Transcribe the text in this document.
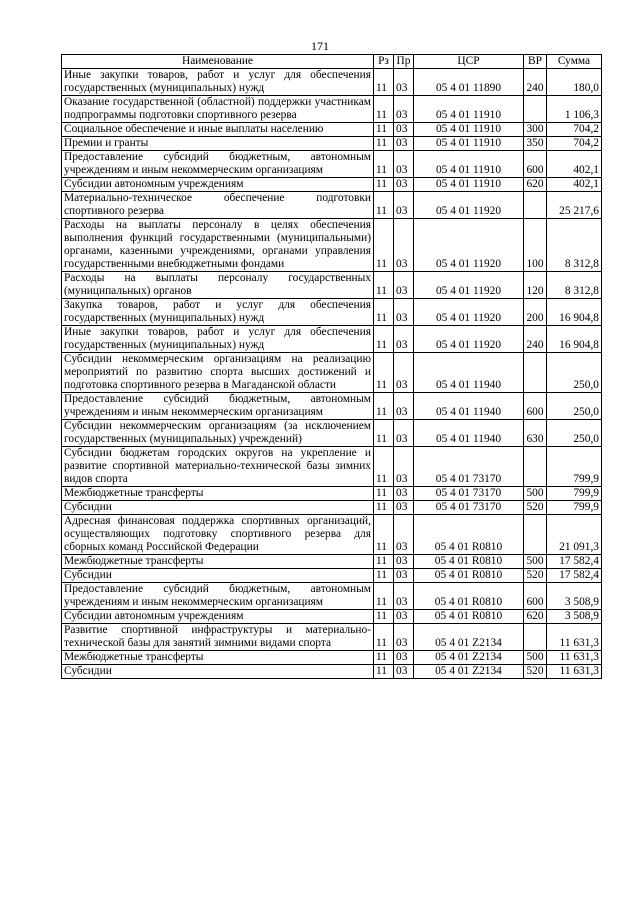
171
Наименование	Рз	Пр	ЦСР	ВР	Сумма
Иные закупки товаров, работ и услуг для обеспечения государственных (муниципальных) нужд	11	03	05 4 01 11890	240	180,0
Оказание государственной (областной) поддержки участникам подпрограммы подготовки спортивного резерва	11	03	05 4 01 11910		1 106,3
Социальное обеспечение и иные выплаты населению	11	03	05 4 01 11910	300	704,2
Премии и гранты	11	03	05 4 01 11910	350	704,2
Предоставление субсидий бюджетным, автономным учреждениям и иным некоммерческим организациям	11	03	05 4 01 11910	600	402,1
Субсидии автономным учреждениям	11	03	05 4 01 11910	620	402,1
Материально-техническое обеспечение подготовки спортивного резерва	11	03	05 4 01 11920		25 217,6
Расходы на выплаты персоналу в целях обеспечения выполнения функций государственными (муниципальными) органами, казенными учреждениями, органами управления государственными внебюджетными фондами	11	03	05 4 01 11920	100	8 312,8
Расходы на выплаты персоналу государственных (муниципальных) органов	11	03	05 4 01 11920	120	8 312,8
Закупка товаров, работ и услуг для обеспечения государственных (муниципальных) нужд	11	03	05 4 01 11920	200	16 904,8
Иные закупки товаров, работ и услуг для обеспечения государственных (муниципальных) нужд	11	03	05 4 01 11920	240	16 904,8
Субсидии некоммерческим организациям на реализацию мероприятий по развитию спорта высших достижений и подготовка спортивного резерва в Магаданской области	11	03	05 4 01 11940		250,0
Предоставление субсидий бюджетным, автономным учреждениям и иным некоммерческим организациям	11	03	05 4 01 11940	600	250,0
Субсидии некоммерческим организациям (за исключением государственных (муниципальных) учреждений)	11	03	05 4 01 11940	630	250,0
Субсидии бюджетам городских округов на укрепление и развитие спортивной материально-технической базы зимних видов спорта	11	03	05 4 01 73170		799,9
Межбюджетные трансферты	11	03	05 4 01 73170	500	799,9
Субсидии	11	03	05 4 01 73170	520	799,9
Адресная финансовая поддержка спортивных организаций, осуществляющих подготовку спортивного резерва для сборных команд Российской Федерации	11	03	05 4 01 R0810		21 091,3
Межбюджетные трансферты	11	03	05 4 01 R0810	500	17 582,4
Субсидии	11	03	05 4 01 R0810	520	17 582,4
Предоставление субсидий бюджетным, автономным учреждениям и иным некоммерческим организациям	11	03	05 4 01 R0810	600	3 508,9
Субсидии автономным учреждениям	11	03	05 4 01 R0810	620	3 508,9
Развитие спортивной инфраструктуры и материально-технической базы для занятий зимними видами спорта	11	03	05 4 01 Z2134		11 631,3
Межбюджетные трансферты	11	03	05 4 01 Z2134	500	11 631,3
Субсидии	11	03	05 4 01 Z2134	520	11 631,3
